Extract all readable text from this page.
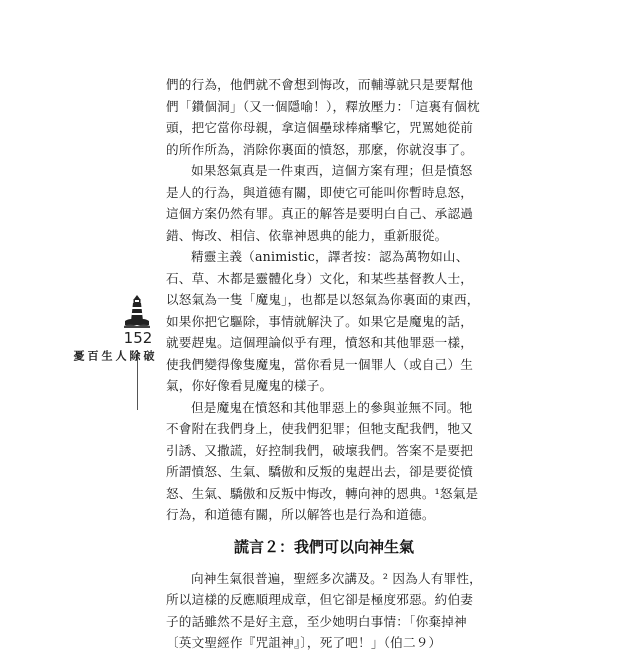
152
破除人生百憂

們的行為，他們就不會想到悔改，而輔導就只是要幫他們「鑽個洞」（又一個隱喻！），釋放壓力：「這裏有個枕頭，把它當你母親，拿這個壘球棒痛擊它，咒罵她從前的所作所為，消除你裏面的憤怒，那麼，你就沒事了。

如果怒氣真是一件東西，這個方案有理；但是憤怒是人的行為，與道德有關，即使它可能叫你暫時息怒，這個方案仍然有罪。真正的解答是要明白自己、承認過錯、悔改、相信、依靠神恩典的能力，重新服從。

精靈主義（animistic，譯者按：認為萬物如山、石、草、木都是靈體化身）文化，和某些基督教人士，以怒氣為一隻「魔鬼」，也都是以怒氣為你裏面的東西，如果你把它驅除，事情就解決了。如果它是魔鬼的話，就要趕鬼。這個理論似乎有理，憤怒和其他罪惡一樣，使我們變得像隻魔鬼，當你看見一個罪人（或自己）生氣，你好像看見魔鬼的樣子。

但是魔鬼在憤怒和其他罪惡上的參與並無不同。牠不會附在我們身上，使我們犯罪；但牠支配我們，牠又引誘、又撒謊，好控制我們，破壞我們。答案不是要把所謂憤怒、生氣、驕傲和反叛的鬼趕出去，卻是要從憤怒、生氣、驕傲和反叛中悔改，轉向神的恩典。¹怒氣是行為，和道德有關，所以解答也是行為和道德。

謊言２：我們可以向神生氣

向神生氣很普遍，聖經多次講及。² 因為人有罪性，所以這樣的反應順理成章，但它卻是極度邪惡。約伯妻子的話雖然不是好主意，至少她明白事情：「你棄掉神〔英文聖經作『咒詛神』〕，死了吧！」（伯二９）
